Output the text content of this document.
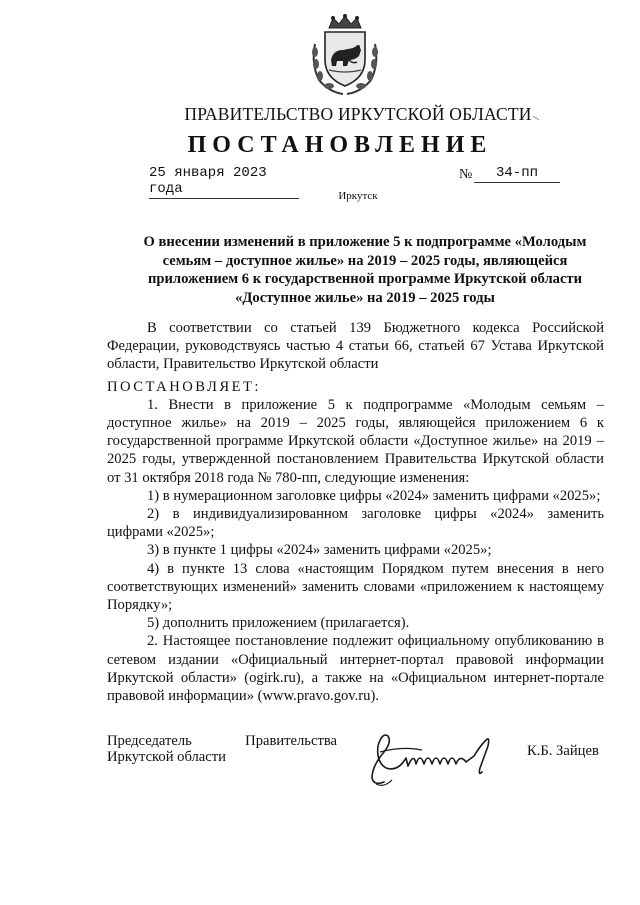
ПРАВИТЕЛЬСТВО ИРКУТСКОЙ ОБЛАСТИ
ПОСТАНОВЛЕНИЕ
25 января 2023 года
№	34-пп
Иркутск
О внесении изменений в приложение 5 к подпрограмме «Молодым семьям – доступное жилье» на 2019 – 2025 годы, являющейся приложением 6 к государственной программе Иркутской области «Доступное жилье» на 2019 – 2025 годы

В соответствии со статьей 139 Бюджетного кодекса Российской Федерации, руководствуясь частью 4 статьи 66, статьей 67 Устава Иркутской области, Правительство Иркутской области

ПОСТАНОВЛЯЕТ:

1. Внести в приложение 5 к подпрограмме «Молодым семьям – доступное жилье» на 2019 – 2025 годы, являющейся приложением 6 к государственной программе Иркутской области «Доступное жилье» на 2019 – 2025 годы, утвержденной постановлением Правительства Иркутской области от 31 октября 2018 года № 780-пп, следующие изменения:

1) в нумерационном заголовке цифры «2024» заменить цифрами «2025»;

2) в индивидуализированном заголовке цифры «2024» заменить цифрами «2025»;

3) в пункте 1 цифры «2024» заменить цифрами «2025»;

4) в пункте 13 слова «настоящим Порядком путем внесения в него соответствующих изменений» заменить словами «приложением к настоящему Порядку»;

5) дополнить приложением (прилагается).

2. Настоящее постановление подлежит официальному опубликованию в сетевом издании «Официальный интернет-портал правовой информации Иркутской области» (ogirk.ru), а также на «Официальном интернет-портале правовой информации» (www.pravo.gov.ru).

Председатель	Правительства
Иркутской области	К.Б. Зайцев
